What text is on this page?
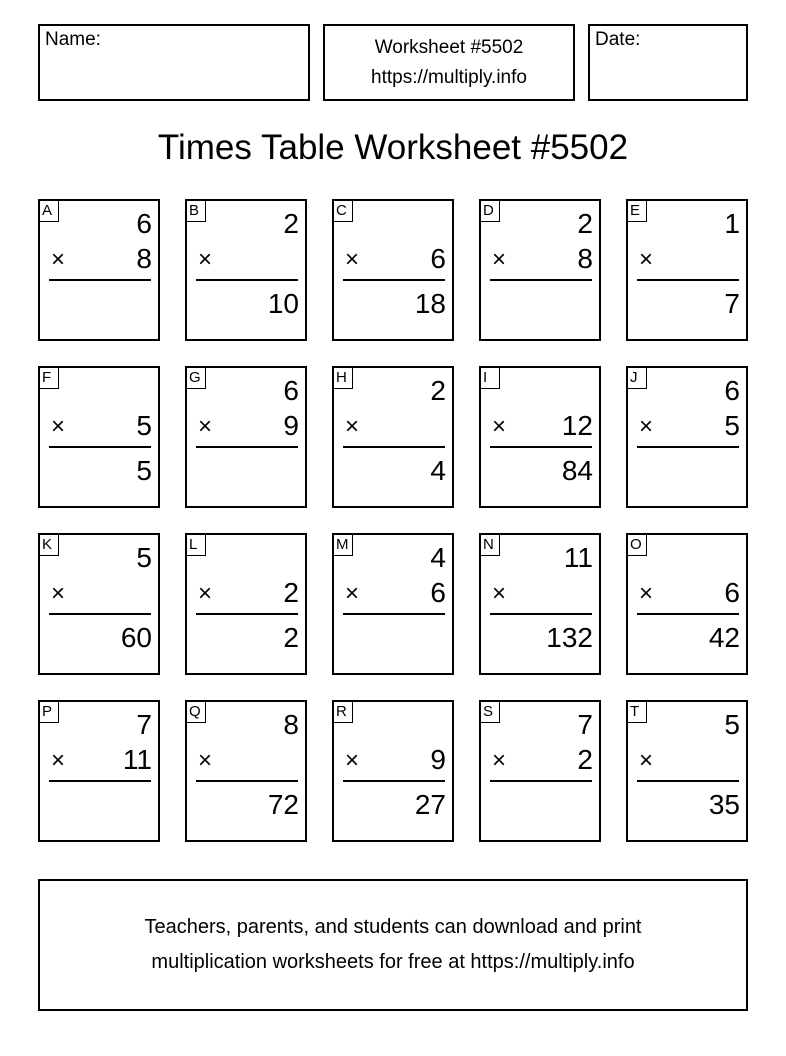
Name:	Worksheet #5502
https://multiply.info
Date:
Times Table Worksheet #5502
A	6
×	8
B	2
×
10
C
×	6
18
D	2
×	8
E	1
×
7
F
×	5
5
G	6
×	9
H	2
×
4
I
× 12
84
J	6
×	5
K	5
×
60
L
×	2
2
M	4
×	6
N	11
×
132
O
×	6
42
P	7
× 11
Q	8
×
72
R
×	9
27
S	7
×	2
T	5
×
35
Teachers, parents, and students can download and print
multiplication worksheets for free at https://multiply.info
